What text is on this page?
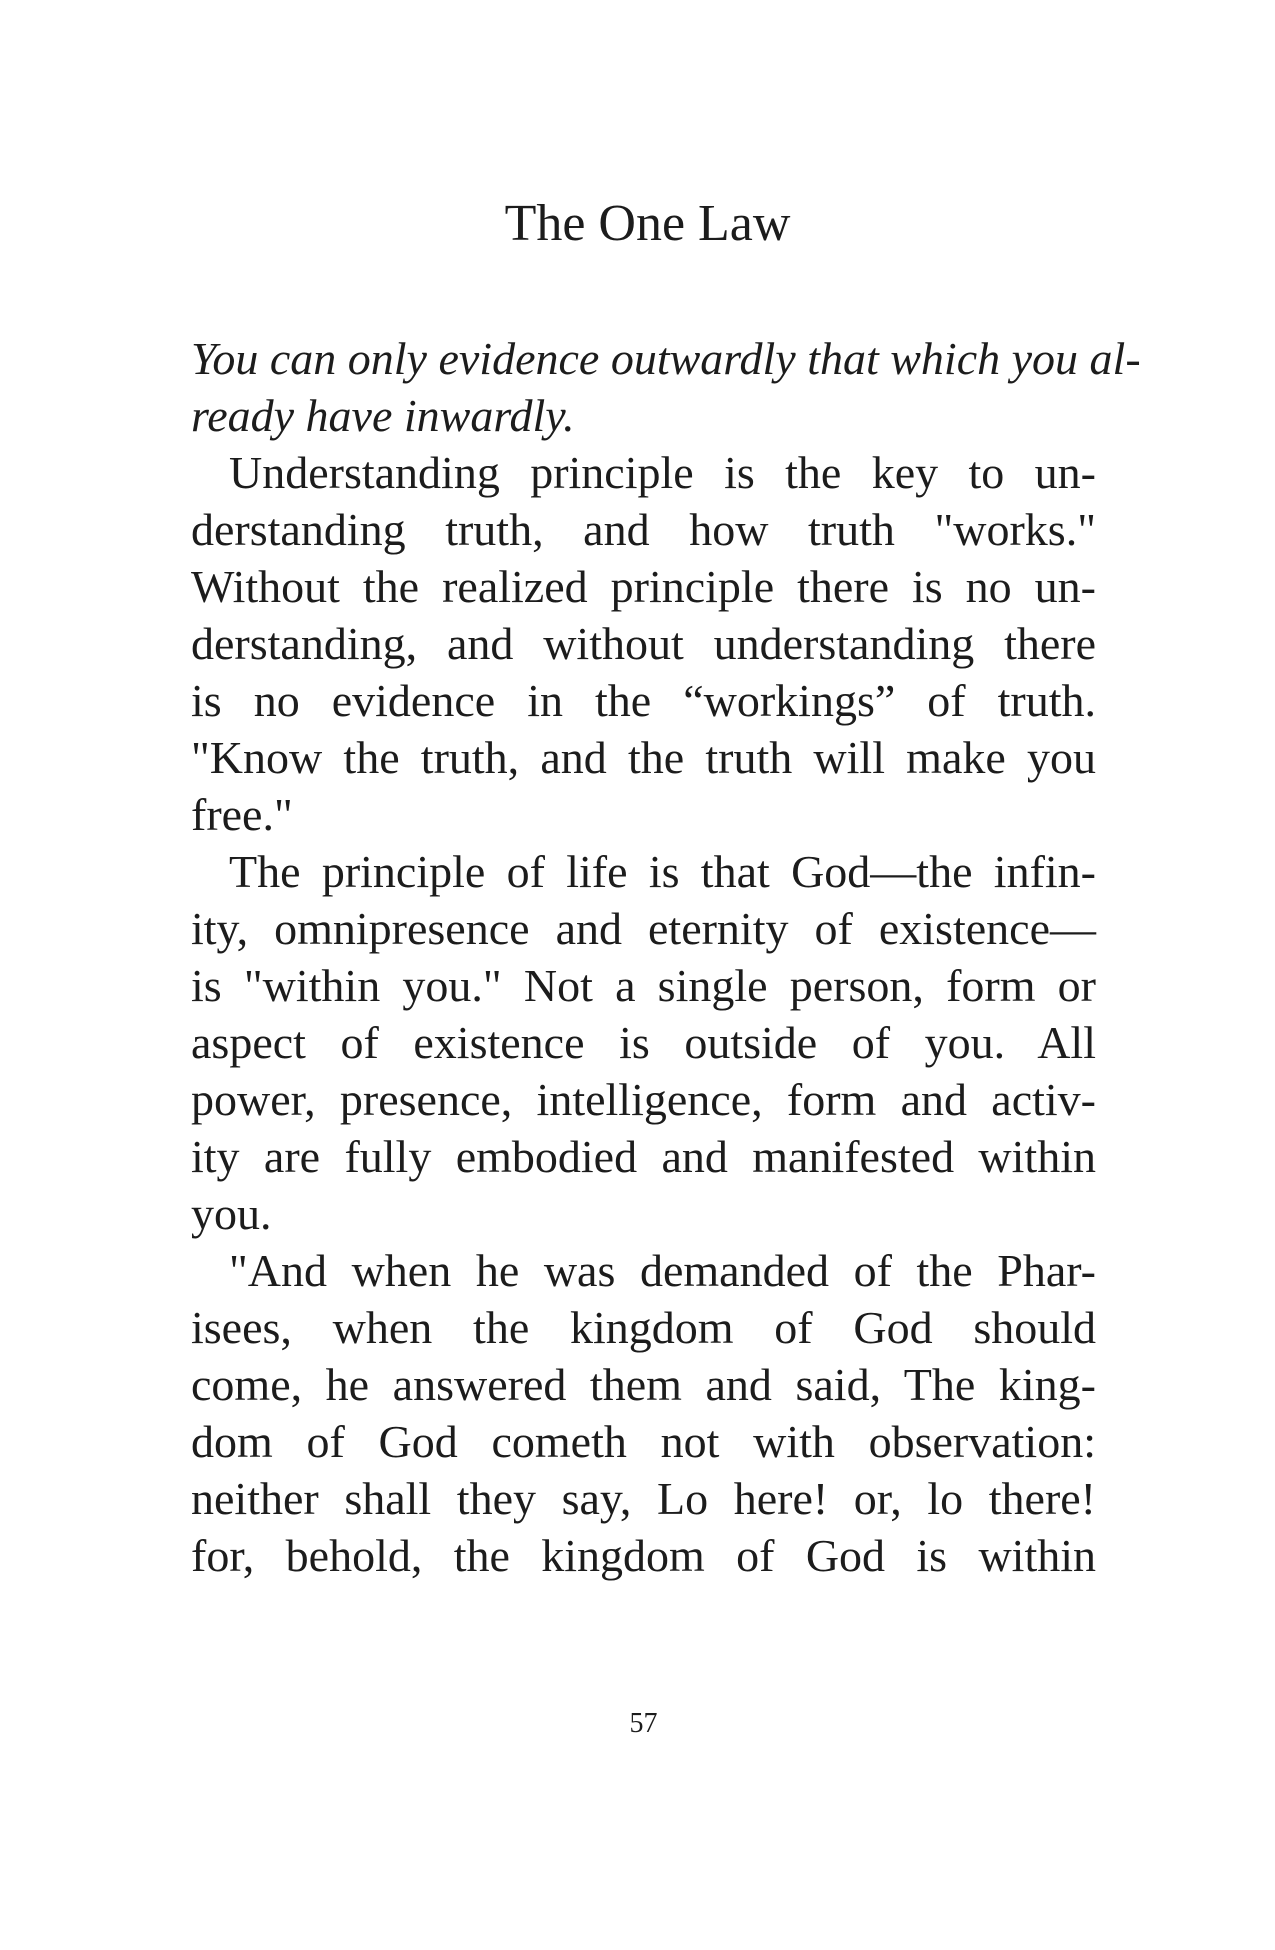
The One Law
You can only evidence outwardly that which you al-
ready have inwardly.
Understanding principle is the key to un-
derstanding truth, and how truth "works."
Without the realized principle there is no un-
derstanding, and without understanding there
is no evidence in the “workings” of truth.
"Know the truth, and the truth will make you
free."
The principle of life is that God—the infin-
ity, omnipresence and eternity of existence—
is "within you." Not a single person, form or
aspect of existence is outside of you. All
power, presence, intelligence, form and activ-
ity are fully embodied and manifested within
you.
"And when he was demanded of the Phar-
isees, when the kingdom of God should
come, he answered them and said, The king-
dom of God cometh not with observation:
neither shall they say, Lo here! or, lo there!
for, behold, the kingdom of God is within
57
